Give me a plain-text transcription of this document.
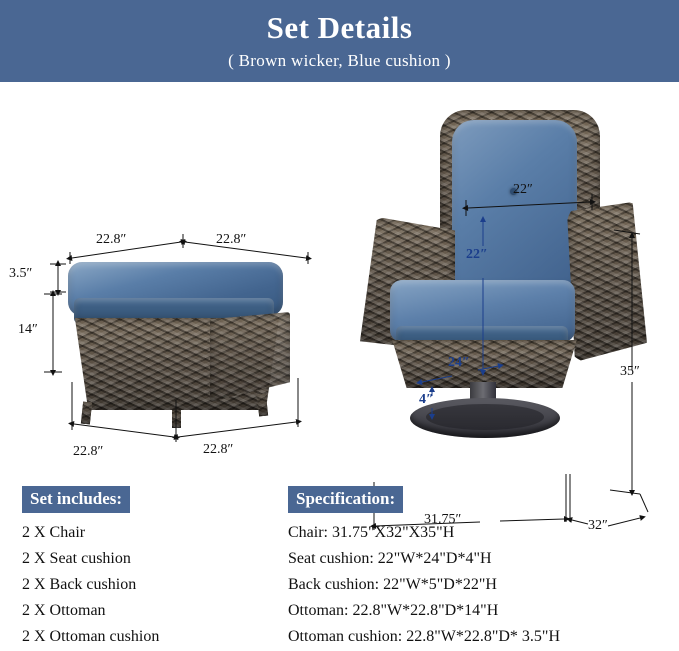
Set Details
( Brown wicker, Blue cushion )
22.8″	22.8″
3.5″
14″
22.8″	22.8″
22″
22″
24″
4″
35″
31.75″	32″
Set includes:
2 X Chair
2 X Seat cushion
2 X Back cushion
2 X Ottoman
2 X Ottoman cushion
Specification:
Chair: 31.75"X32"X35"H
Seat cushion: 22"W*24"D*4"H
Back cushion: 22"W*5"D*22"H
Ottoman: 22.8"W*22.8"D*14"H
Ottoman cushion: 22.8"W*22.8"D* 3.5"H
